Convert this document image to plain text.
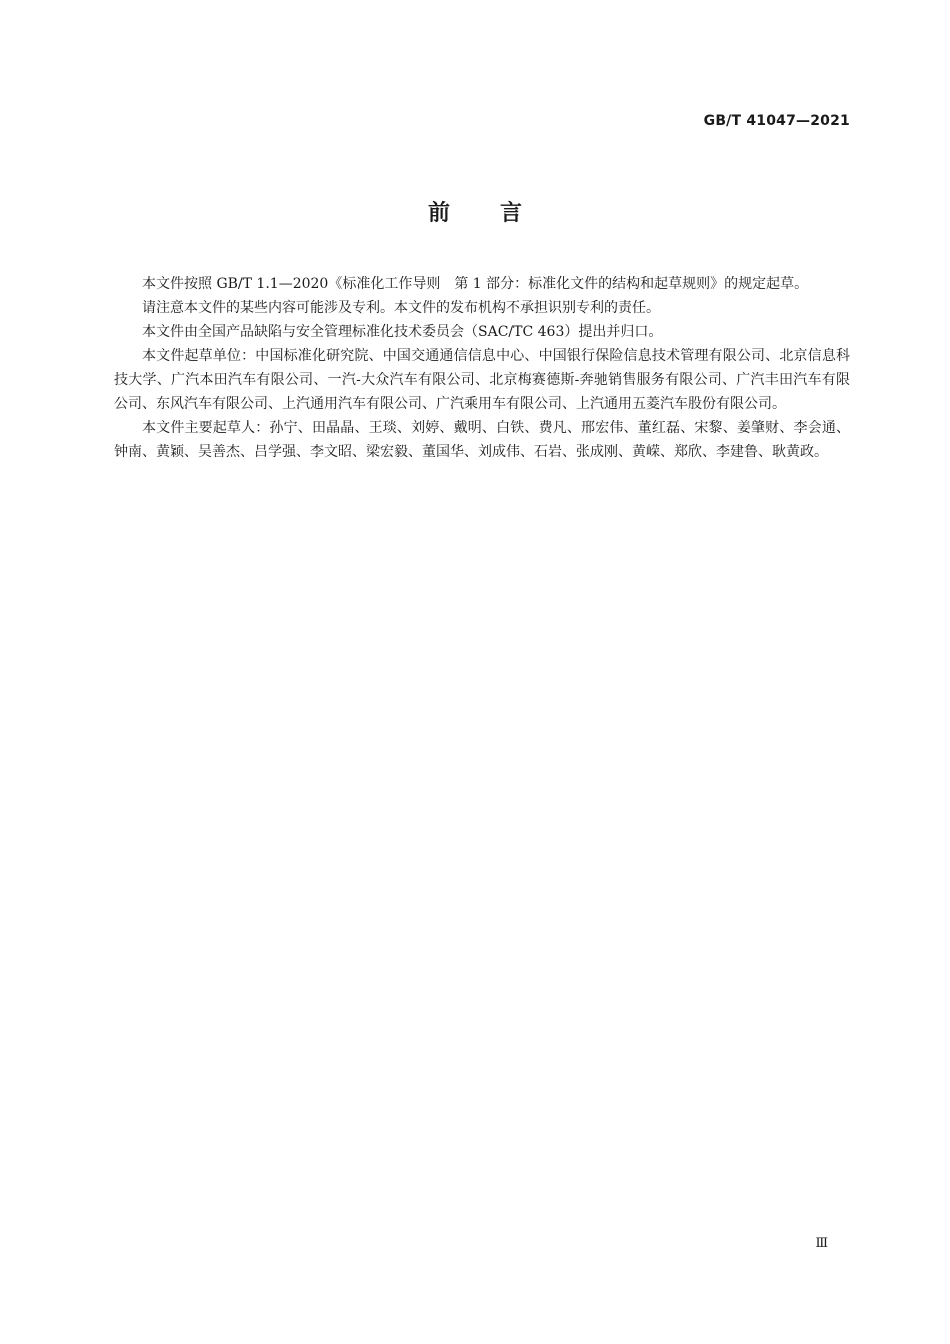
GB/T 41047—2021
前言

本文件按照 GB/T 1.1—2020《标准化工作导则　第 1 部分：标准化文件的结构和起草规则》的规定起草。

请注意本文件的某些内容可能涉及专利。本文件的发布机构不承担识别专利的责任。

本文件由全国产品缺陷与安全管理标准化技术委员会（SAC/TC 463）提出并归口。

本文件起草单位：中国标准化研究院、中国交通通信信息中心、中国银行保险信息技术管理有限公司、北京信息科技大学、广汽本田汽车有限公司、一汽-大众汽车有限公司、北京梅赛德斯-奔驰销售服务有限公司、广汽丰田汽车有限公司、东风汽车有限公司、上汽通用汽车有限公司、广汽乘用车有限公司、上汽通用五菱汽车股份有限公司。

本文件主要起草人：孙宁、田晶晶、王琰、刘婷、戴明、白铁、费凡、邢宏伟、董红磊、宋黎、姜肇财、李会通、钟南、黄颖、吴善杰、吕学强、李文昭、梁宏毅、董国华、刘成伟、石岩、张成刚、黄嵘、郑欣、李建鲁、耿黄政。

Ⅲ
